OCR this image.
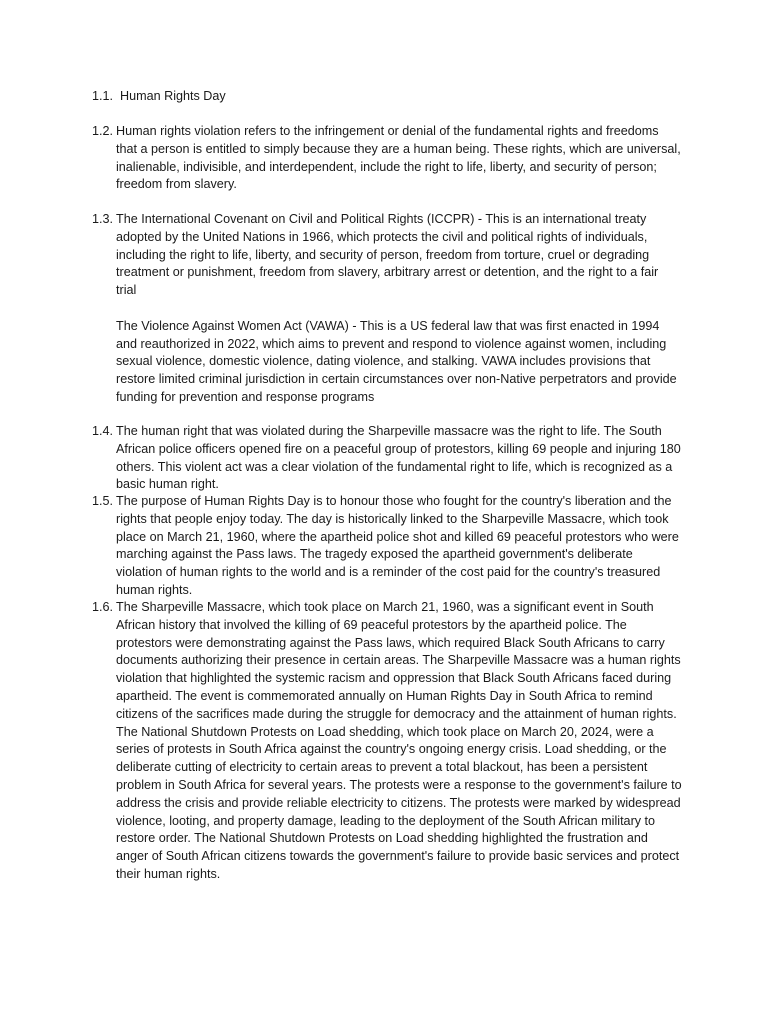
1.1. Human Rights Day

1.2. Human rights violation refers to the infringement or denial of the fundamental rights and freedoms that a person is entitled to simply because they are a human being. These rights, which are universal, inalienable, indivisible, and interdependent, include the right to life, liberty, and security of person; freedom from slavery.

1.3. The International Covenant on Civil and Political Rights (ICCPR) - This is an international treaty adopted by the United Nations in 1966, which protects the civil and political rights of individuals, including the right to life, liberty, and security of person, freedom from torture, cruel or degrading treatment or punishment, freedom from slavery, arbitrary arrest or detention, and the right to a fair trial

The Violence Against Women Act (VAWA) - This is a US federal law that was first enacted in 1994 and reauthorized in 2022, which aims to prevent and respond to violence against women, including sexual violence, domestic violence, dating violence, and stalking. VAWA includes provisions that restore limited criminal jurisdiction in certain circumstances over non-Native perpetrators and provide funding for prevention and response programs

1.4. The human right that was violated during the Sharpeville massacre was the right to life. The South African police officers opened fire on a peaceful group of protestors, killing 69 people and injuring 180 others. This violent act was a clear violation of the fundamental right to life, which is recognized as a basic human right.

1.5. The purpose of Human Rights Day is to honour those who fought for the country's liberation and the rights that people enjoy today. The day is historically linked to the Sharpeville Massacre, which took place on March 21, 1960, where the apartheid police shot and killed 69 peaceful protestors who were marching against the Pass laws. The tragedy exposed the apartheid government's deliberate violation of human rights to the world and is a reminder of the cost paid for the country's treasured human rights.

1.6. The Sharpeville Massacre, which took place on March 21, 1960, was a significant event in South African history that involved the killing of 69 peaceful protestors by the apartheid police. The protestors were demonstrating against the Pass laws, which required Black South Africans to carry documents authorizing their presence in certain areas. The Sharpeville Massacre was a human rights violation that highlighted the systemic racism and oppression that Black South Africans faced during apartheid. The event is commemorated annually on Human Rights Day in South Africa to remind citizens of the sacrifices made during the struggle for democracy and the attainment of human rights.

The National Shutdown Protests on Load shedding, which took place on March 20, 2024, were a series of protests in South Africa against the country's ongoing energy crisis. Load shedding, or the deliberate cutting of electricity to certain areas to prevent a total blackout, has been a persistent problem in South Africa for several years. The protests were a response to the government's failure to address the crisis and provide reliable electricity to citizens. The protests were marked by widespread violence, looting, and property damage, leading to the deployment of the South African military to restore order. The National Shutdown Protests on Load shedding highlighted the frustration and anger of South African citizens towards the government's failure to provide basic services and protect their human rights.
